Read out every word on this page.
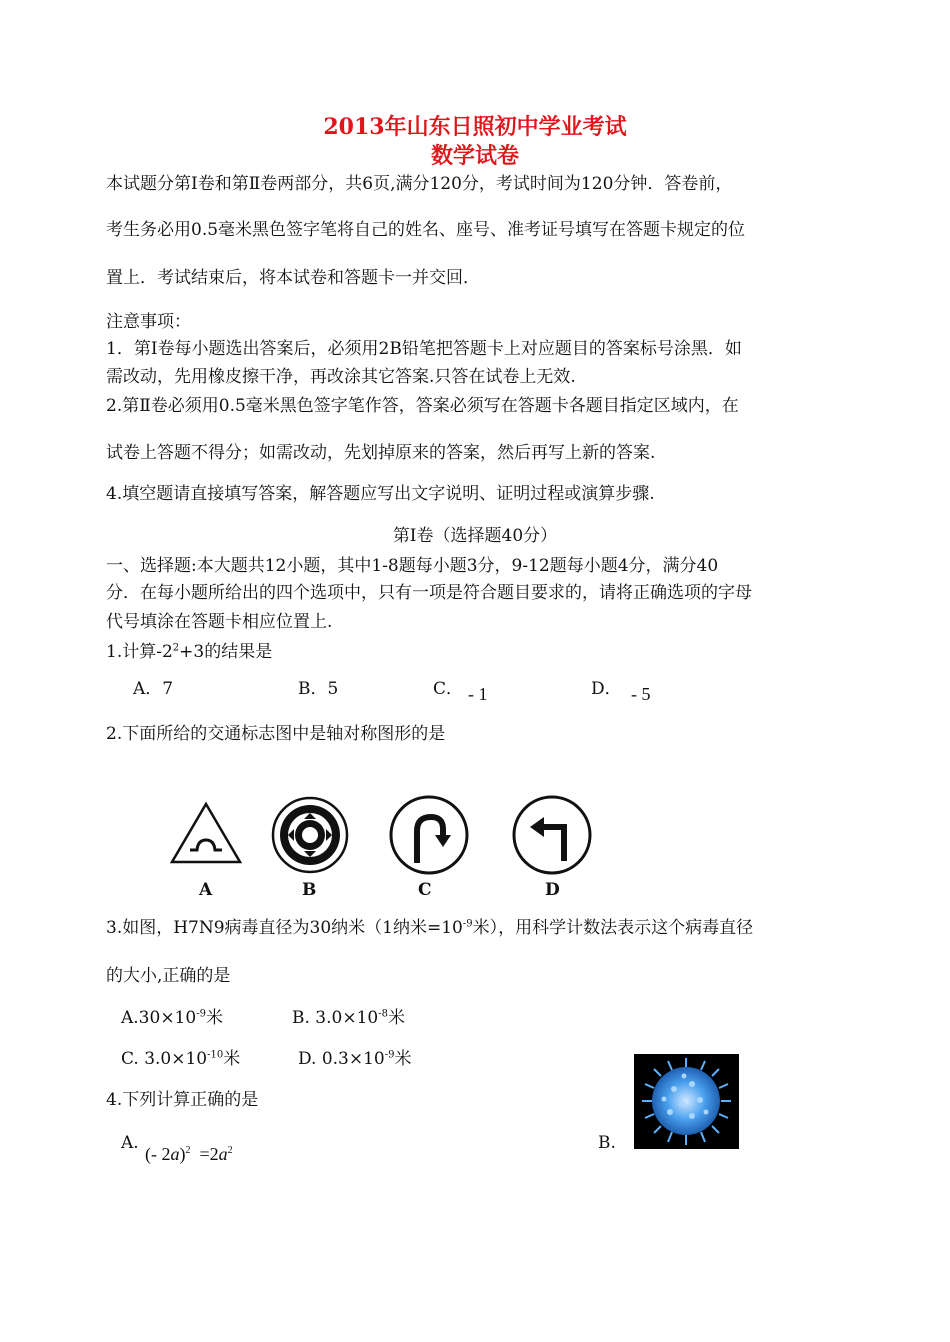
2013年山东日照初中学业考试
数学试卷
本试题分第Ⅰ卷和第Ⅱ卷两部分，共6页,满分120分，考试时间为120分钟．答卷前，
考生务必用0.5毫米黑色签字笔将自己的姓名、座号、准考证号填写在答题卡规定的位
置上．考试结束后，将本试卷和答题卡一并交回．
注意事项：
1．第Ⅰ卷每小题选出答案后，必须用2B铅笔把答题卡上对应题目的答案标号涂黑．如
需改动，先用橡皮擦干净，再改涂其它答案.只答在试卷上无效.
2.第Ⅱ卷必须用0.5毫米黑色签字笔作答，答案必须写在答题卡各题目指定区域内，在
试卷上答题不得分；如需改动，先划掉原来的答案，然后再写上新的答案.
4.填空题请直接填写答案，解答题应写出文字说明、证明过程或演算步骤.
第Ⅰ卷（选择题40分）
一、选择题:本大题共12小题，其中1-8题每小题3分，9-12题每小题4分，满分40
分．在每小题所给出的四个选项中，只有一项是符合题目要求的，请将正确选项的字母
代号填涂在答题卡相应位置上.
1.计算$-2^2+3$的结果是
A．7	B．5	C． - 1	D． - 5
2.下面所给的交通标志图中是轴对称图形的是
A	B	C	D
3.如图，H7N9病毒直径为30纳米（1纳米$=10^{-9}$米），用科学计数法表示这个病毒直径
的大小,正确的是
$A.30\times 10^{-9}$米	B. $3.0\times 10^{-8}$米
C. $3.0\times 10^{-10}$米	D. $0.3\times 10^{-9}$米
4.下列计算正确的是
A.
(- $2a)^2 =2a^2$	B.
